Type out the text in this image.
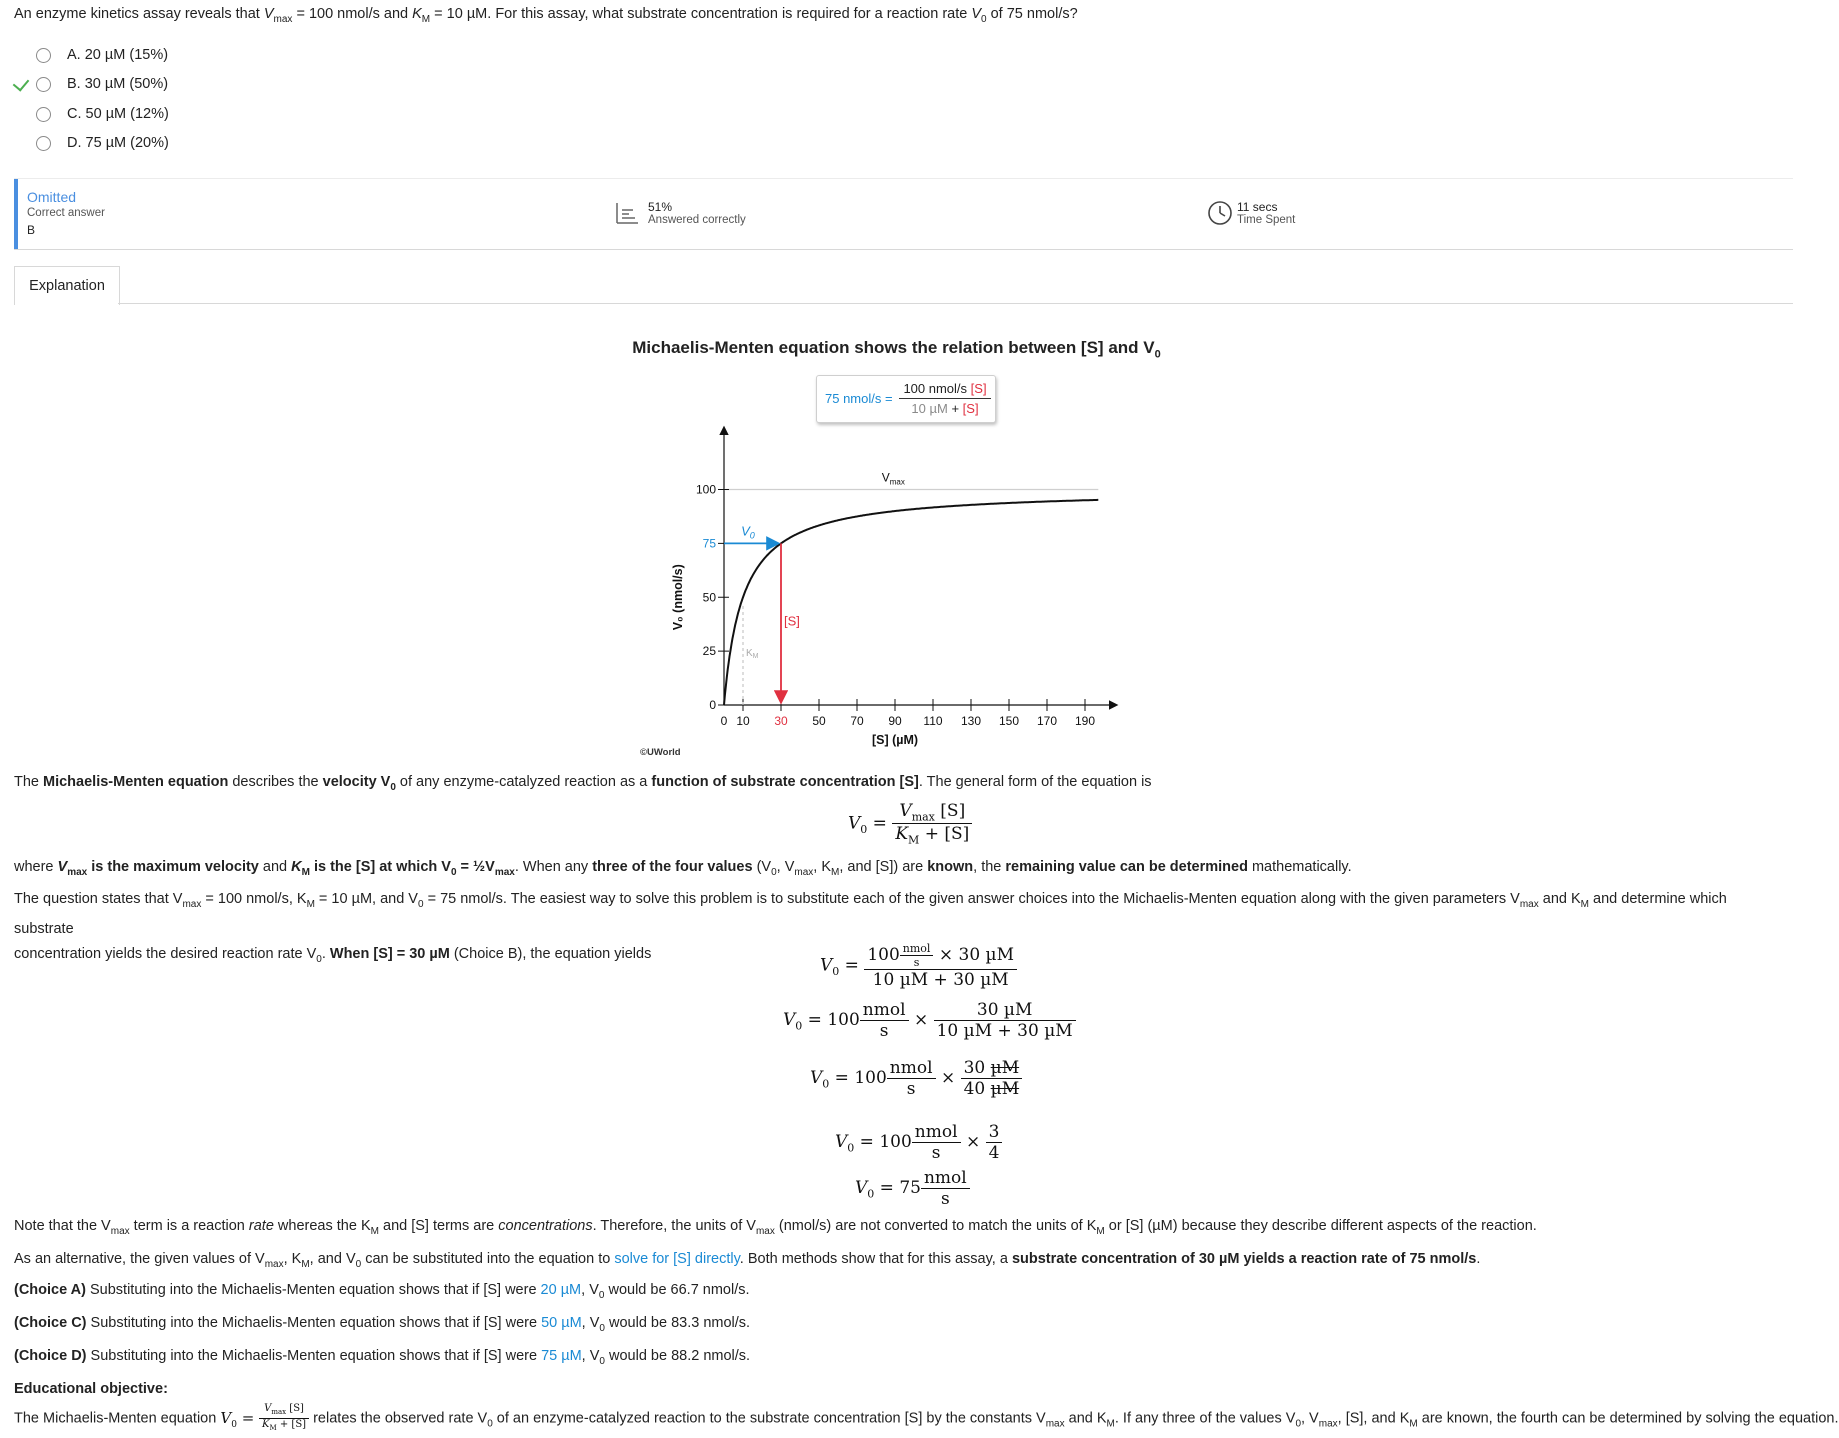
An enzyme kinetics assay reveals that $V_{max} = 100$ nmol/s and $K_M = 10$ µM. For this assay, what substrate concentration is required for a reaction rate $V_0$ of 75 nmol/s?
A.
20 µM
(15%)
B.
30 µM
(50%)
C.
50 µM
(12%)
D.
75 µM
(20%)
Omitted
Correct answer
B
51%
Answered correctly
11 secs
Time Spent
Explanation
Michaelis-Menten equation shows the relation between [S] and $V_0$
75 nmol/s =
100 nmol/s [S]
10 µM + [S]
$V_{max}$
0
25
50
75
100
0 10 30 50 70 90 110 130 150 170 190
[S] (µM)
V₀ (nmol/s)
$K_M$
$V_0$
[S]
©UWorld
The Michaelis-Menten equation describes the velocity $V_0$ of any enzyme-catalyzed reaction as a function of substrate concentration [S]. The general form of the equation is
$V_0 = \frac{V_{max} [S]}{K_M + [S]}$
where $V_{max}$ is the maximum velocity and $K_M$ is the [S] at which $V_0$ = $\frac{1}{2}V_{max}$. When any three of the four values ($V_0$, $V_{max}$, $K_M$, and [S]) are known, the remaining value can be determined mathematically.
The question states that $V_{max} = 100$ nmol/s, $K_M = 10$ µM, and $V_0 = 75$ nmol/s. The easiest way to solve this problem is to substitute each of the given answer choices into the Michaelis-Menten equation along with the given parameters $V_{max}$ and $K_M$ and determine which substrate
concentration yields the desired reaction rate $V_0$. When [S] = 30 µM (Choice B), the equation yields
$V_0 = \frac{100 \frac{\text{nmol}}{s} \times 30 \mu M}{\text{10 µM + 30 µM}}$
$V_0 = 100 \frac{\text{nmol}}{s} \times \frac{\text{30 µM}}{\text{10 µM + 30 µM}}$
$V_0 = 100 \frac{\text{nmol}}{s} \times \frac{\text{30 µM}}{\text{40 µM}}$
$V_0 = 100 \frac{\text{nmol}}{s} \times \frac{3}{4}$
$V_0 = 75 \frac{\text{nmol}}{s}$
Note that the $V_{max}$ term is a reaction rate whereas the $K_M$ and [S] terms are concentrations. Therefore, the units of $V_{max}$ (nmol/s) are not converted to match the units of $K_M$ or [S] (µM) because they describe different aspects of the reaction.
As an alternative, the given values of $V_{max}$, $K_M$, and $V_0$ can be substituted into the equation to solve for [S] directly. Both methods show that for this assay, a substrate concentration of 30 µM yields a reaction rate of 75 nmol/s.
(Choice A) Substituting into the Michaelis-Menten equation shows that if [S] were 20 µM, $V_0$ would be 66.7 nmol/s.
(Choice C) Substituting into the Michaelis-Menten equation shows that if [S] were 50 µM, $V_0$ would be 83.3 nmol/s.
(Choice D) Substituting into the Michaelis-Menten equation shows that if [S] were 75 µM, $V_0$ would be 88.2 nmol/s.
Educational objective:
The Michaelis-Menten equation $V_0 = \frac{V_{max} [S]}{K_M + [S]}$ relates the observed rate $V_0$ of an enzyme-catalyzed reaction to the substrate concentration [S] by the constants $V_{max}$ and $K_M$. If any three of the values $V_0$, $V_{max}$, [S], and $K_M$ are known, the fourth can be determined by solving the equation.
